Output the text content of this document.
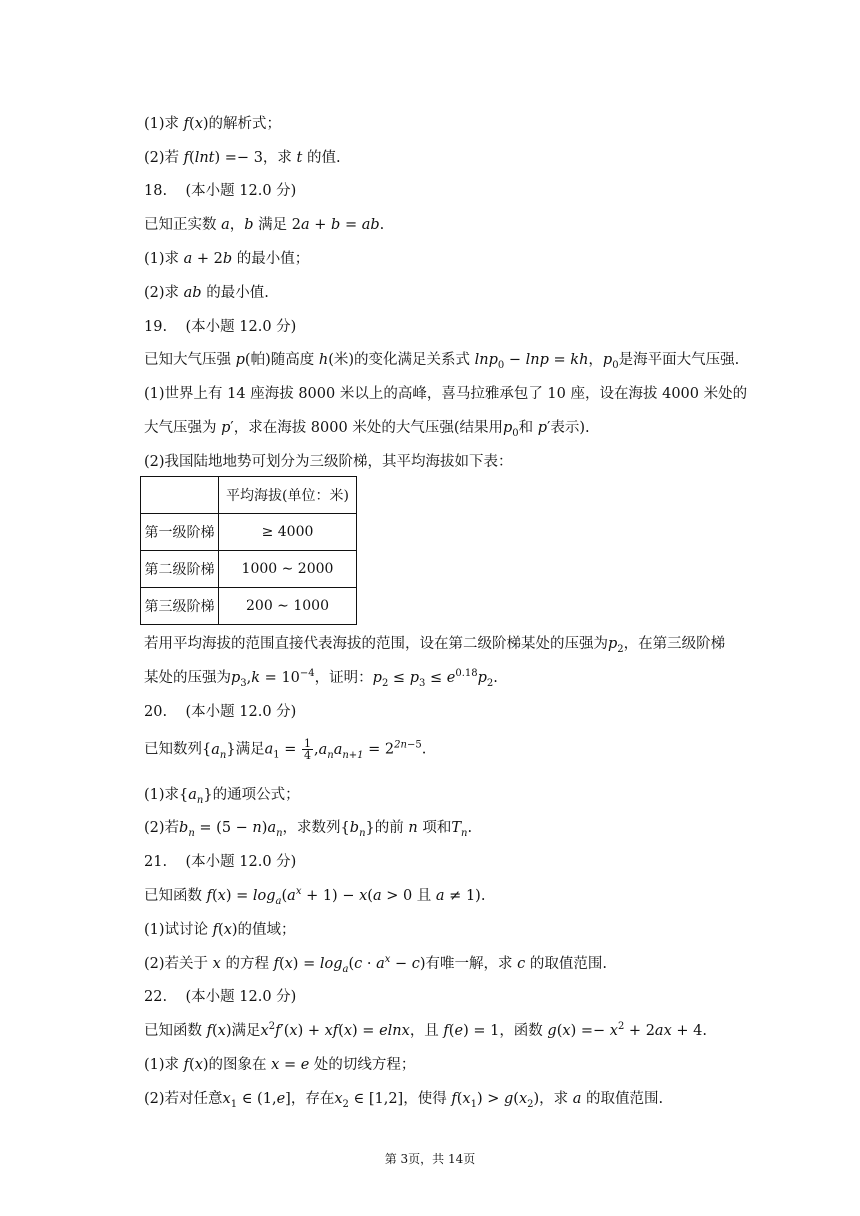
(1)求 f(x)的解析式；
(2)若 f(lnt) =− 3，求 t 的值.
18.    (本小题 12.0 分)
已知正实数 a，b 满足 2a + b = ab.
(1)求 a + 2b 的最小值；
(2)求 ab 的最小值.
19.    (本小题 12.0 分)
已知大气压强 p(帕)随高度 h(米)的变化满足关系式 lnp$_0$ − lnp = kh，$p_0$是海平面大气压强.
(1)世界上有 14 座海拔 8000 米以上的高峰，喜马拉雅承包了 10 座，设在海拔 4000 米处的
大气压强为 p′，求在海拔 8000 米处的大气压强(结果用$p_0$和 p′表示).
(2)我国陆地地势可划分为三级阶梯，其平均海拔如下表：
	平均海拔(单位：米)
第一级阶梯	≥ 4000
第二级阶梯	1000 ∼ 2000
第三级阶梯	200 ∼ 1000
若用平均海拔的范围直接代表海拔的范围，设在第二级阶梯某处的压强为$p_2$，在第三级阶梯
某处的压强为$p_3,k = 10^{-4}$，证明：$p_2 \le p_3 \le e^{0.18}p_2$.
20.    (本小题 12.0 分)
已知数列$\{a_n\}$满足$a_1 = \frac{1}{4} ,a_na_{n+1} = 2^{2n-5}$.
(1)求$\{a_n\}$的通项公式；
(2)若$b_n = (5 - n)a_n$，求数列$\{b_n\}$的前 n 项和$T_n$.
21.    (本小题 12.0 分)
已知函数 $f(x) = \log_a(a^x + 1) - x(a > 0$ 且 a ≠ 1).
(1)试讨论 f(x)的值域；
(2)若关于 x 的方程 $f(x) = \log_a(c \cdot a^x - c)$有唯一解，求 c 的取值范围.
22.    (本小题 12.0 分)
已知函数 f(x)满足$x^2f'(x) + xf(x) = elnx$，且 f(e) = 1，函数 $g(x) =- x^2 + 2ax + 4$.
(1)求 f(x)的图象在 x = e 处的切线方程；
(2)若对任意$x_1$ ∈ (1,e]，存在$x_2$ ∈ [1,2]，使得 $f(x_1) > g(x_2)$，求 a 的取值范围.
第 3页，共 14页
